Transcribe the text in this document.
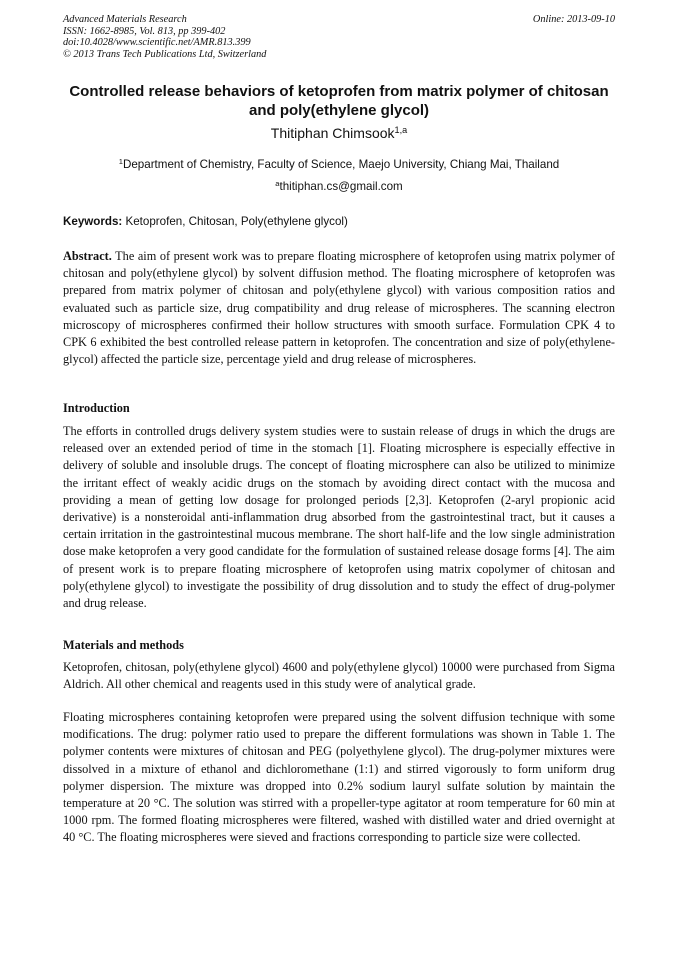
Advanced Materials Research
ISSN: 1662-8985, Vol. 813, pp 399-402
doi:10.4028/www.scientific.net/AMR.813.399
© 2013 Trans Tech Publications Ltd, Switzerland
Online: 2013-09-10
Controlled release behaviors of ketoprofen from matrix polymer of chitosan and poly(ethylene glycol)
Thitiphan Chimsook$^{1,a}$
$^1$Department of Chemistry, Faculty of Science, Maejo University, Chiang Mai, Thailand
$^a$thitiphan.cs@gmail.com
Keywords: Ketoprofen, Chitosan, Poly(ethylene glycol)
Abstract. The aim of present work was to prepare floating microsphere of ketoprofen using matrix polymer of chitosan and poly(ethylene glycol) by solvent diffusion method. The floating microsphere of ketoprofen was prepared from matrix polymer of chitosan and poly(ethylene glycol) with various composition ratios and evaluated such as particle size, drug compatibility and drug release of microspheres. The scanning electron microscopy of microspheres confirmed their hollow structures with smooth surface. Formulation CPK 4 to CPK 6 exhibited the best controlled release pattern in ketoprofen. The concentration and size of poly(ethylene- glycol) affected the particle size, percentage yield and drug release of microspheres.
Introduction
The efforts in controlled drugs delivery system studies were to sustain release of drugs in which the drugs are released over an extended period of time in the stomach [1]. Floating microsphere is especially effective in delivery of soluble and insoluble drugs. The concept of floating microsphere can also be utilized to minimize the irritant effect of weakly acidic drugs on the stomach by avoiding direct contact with the mucosa and providing a mean of getting low dosage for prolonged periods [2,3]. Ketoprofen (2-aryl propionic acid derivative) is a nonsteroidal anti-inflammation drug absorbed from the gastrointestinal tract, but it causes a certain irritation in the gastrointestinal mucous membrane. The short half-life and the low single administration dose make ketoprofen a very good candidate for the formulation of sustained release dosage forms [4]. The aim of present work is to prepare floating microsphere of ketoprofen using matrix copolymer of chitosan and poly(ethylene glycol) to investigate the possibility of drug dissolution and to study the effect of drug-polymer and drug release.
Materials and methods
Ketoprofen, chitosan, poly(ethylene glycol) 4600 and poly(ethylene glycol) 10000 were purchased from Sigma Aldrich. All other chemical and reagents used in this study were of analytical grade.
Floating microspheres containing ketoprofen were prepared using the solvent diffusion technique with some modifications. The drug: polymer ratio used to prepare the different formulations was shown in Table 1. The polymer contents were mixtures of chitosan and PEG (polyethylene glycol). The drug-polymer mixtures were dissolved in a mixture of ethanol and dichloromethane (1:1) and stirred vigorously to form uniform drug polymer dispersion. The mixture was dropped into 0.2% sodium lauryl sulfate solution by maintain the temperature at 20 °C. The solution was stirred with a propeller-type agitator at room temperature for 60 min at 1000 rpm. The formed floating microspheres were filtered, washed with distilled water and dried overnight at 40 °C. The floating microspheres were sieved and fractions corresponding to particle size were collected.
